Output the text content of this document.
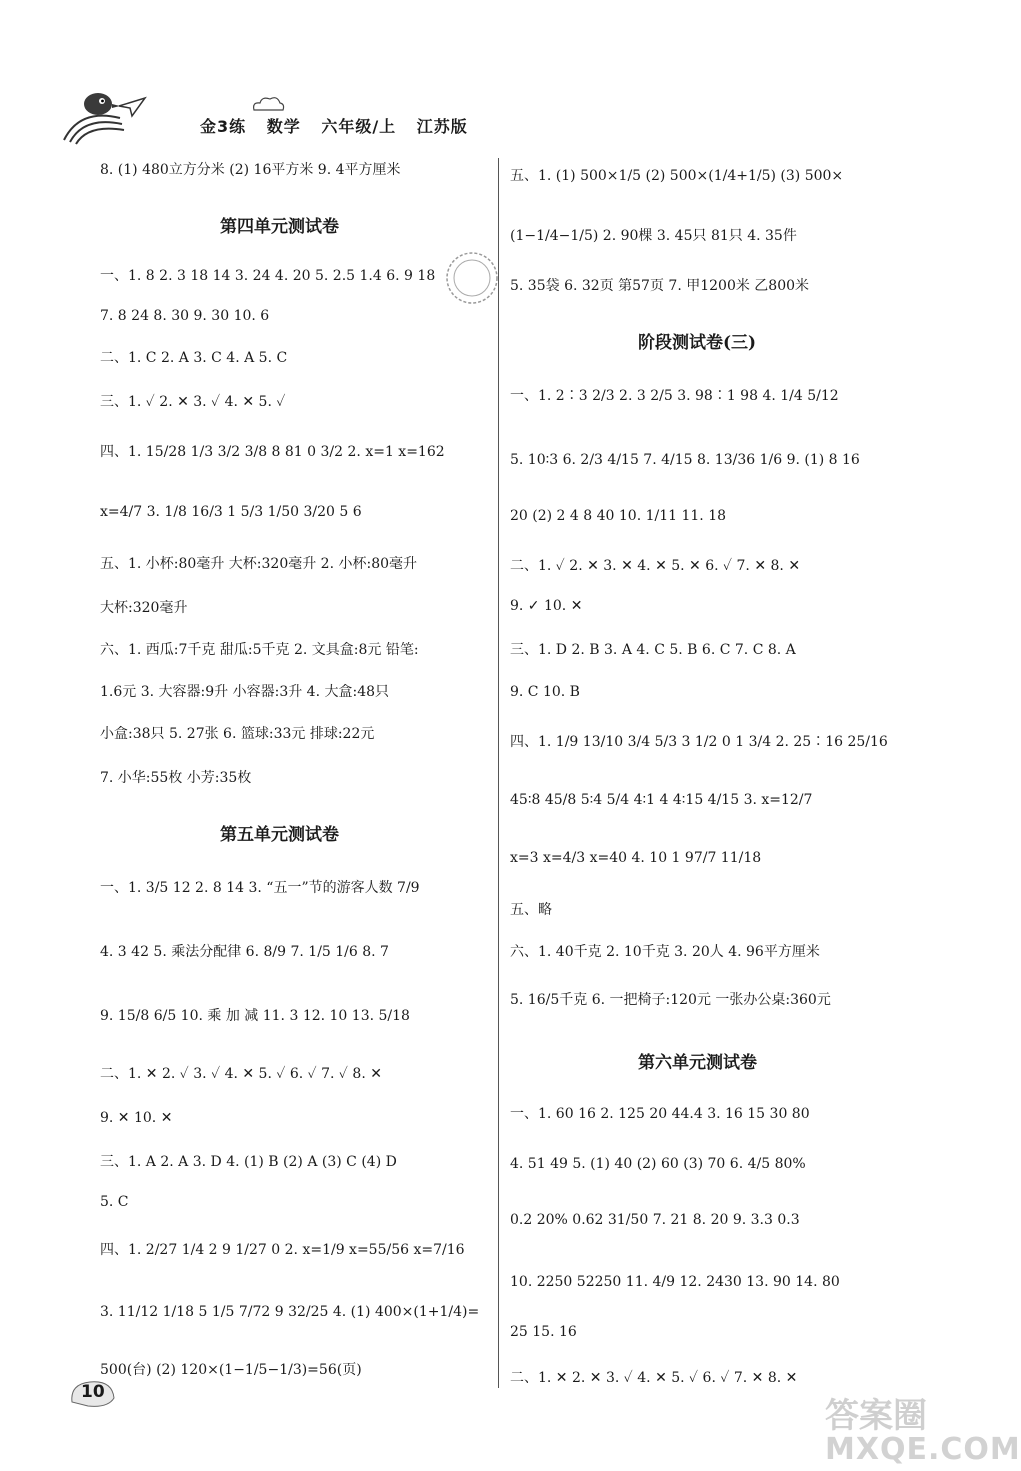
金3练 数学 六年级/上 江苏版
8. (1) 480立方分米 (2) 16平方米 9. 4平方厘米
第四单元测试卷
一、1. 8 2. 3 18 14 3. 24 4. 20 5. 2.5 1.4 6. 9 18
7. 8 24 8. 30 9. 30 10. 6
二、1. C 2. A 3. C 4. A 5. C
三、1. ✓ 2. ✕ 3. ✓ 4. ✕ 5. ✓
四、1. 15/28 1/3 3/2 3/8 8 81 0 3/2 2. x=1 x=162
x=4/7 3. 1/8 16/3 1 5/3 1/50 3/20 5 6
五、1. 小杯:80毫升 大杯:320毫升 2. 小杯:80毫升
大杯:320毫升
六、1. 西瓜:7千克 甜瓜:5千克 2. 文具盒:8元 铅笔:
1.6元 3. 大容器:9升 小容器:3升 4. 大盒:48只
小盒:38只 5. 27张 6. 篮球:33元 排球:22元
7. 小华:55枚 小芳:35枚
第五单元测试卷
一、1. 3/5 12 2. 8 14 3. “五一”节的游客人数 7/9
4. 3 42 5. 乘法分配律 6. 8/9 7. 1/5 1/6 8. 7
9. 15/8 6/5 10. 乘 加 减 11. 3 12. 10 13. 5/18
二、1. ✕ 2. ✓ 3. ✓ 4. ✕ 5. ✓ 6. ✓ 7. ✓ 8. ✕
9. ✕ 10. ✕
三、1. A 2. A 3. D 4. (1) B (2) A (3) C (4) D
5. C
四、1. 2/27 1/4 2 9 1/27 0 2. x=1/9 x=55/56 x=7/16
3. 11/12 1/18 5 1/5 7/72 9 32/25 4. (1) 400×(1+1/4)=
500(台) (2) 120×(1−1/5−1/3)=56(页)
五、1. (1) 500×1/5 (2) 500×(1/4+1/5) (3) 500×
(1−1/4−1/5) 2. 90棵 3. 45只 81只 4. 35件
5. 35袋 6. 32页 第57页 7. 甲1200米 乙800米
阶段测试卷(三)
一、1. 2∶3 2/3 2. 3 2/5 3. 98∶1 98 4. 1/4 5/12
5. 10∶3 6. 2/3 4/15 7. 4/15 8. 13/36 1/6 9. (1) 8 16
20 (2) 2 4 8 40 10. 1/11 11. 18
二、1. ✓ 2. ✕ 3. ✕ 4. ✕ 5. ✕ 6. ✓ 7. ✕ 8. ✕
9. ✓ 10. ✕
三、1. D 2. B 3. A 4. C 5. B 6. C 7. C 8. A
9. C 10. B
四、1. 1/9 13/10 3/4 5/3 3 1/2 0 1 3/4 2. 25∶16 25/16
45∶8 45/8 5∶4 5/4 4∶1 4 4∶15 4/15 3. x=12/7
x=3 x=4/3 x=40 4. 10 1 97/7 11/18
五、略
六、1. 40千克 2. 10千克 3. 20人 4. 96平方厘米
5. 16/5千克 6. 一把椅子:120元 一张办公桌:360元
第六单元测试卷
一、1. 60 16 2. 125 20 44.4 3. 16 15 30 80
4. 51 49 5. (1) 40 (2) 60 (3) 70 6. 4/5 80%
0.2 20% 0.62 31/50 7. 21 8. 20 9. 3.3 0.3
10. 2250 52250 11. 4/9 12. 2430 13. 90 14. 80
25 15. 16
二、1. ✕ 2. ✕ 3. ✓ 4. ✕ 5. ✓ 6. ✓ 7. ✕ 8. ✕
10
答案圈
MXQE.COM
